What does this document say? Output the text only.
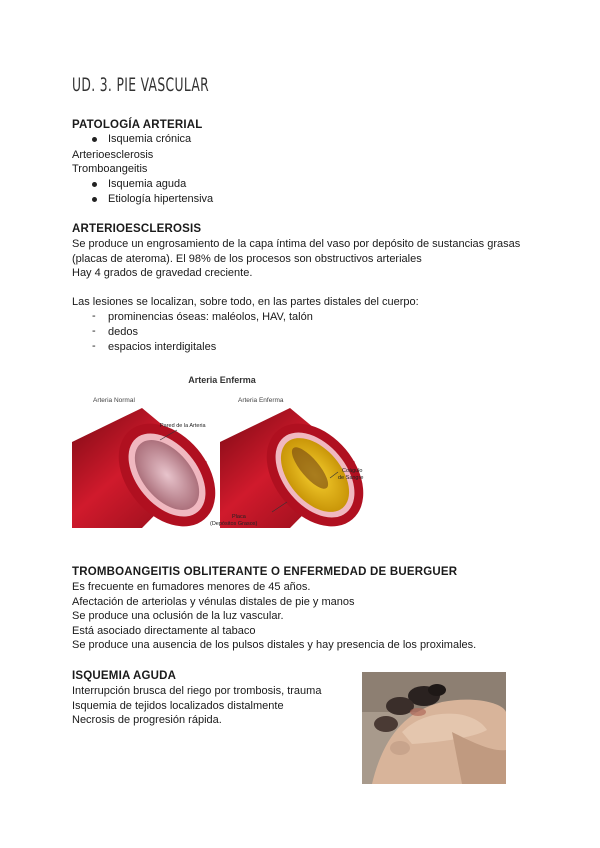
UD. 3. PIE VASCULAR
PATOLOGÍA ARTERIAL
Isquemia crónica
Arterioesclerosis
Tromboangeitis
Isquemia aguda
Etiología hipertensiva
ARTERIOESCLEROSIS
Se produce un engrosamiento de la capa íntima del vaso por depósito de sustancias grasas
(placas de ateroma). El 98% de los procesos son obstructivos arteriales
Hay 4 grados de gravedad creciente.
Las lesiones se localizan, sobre todo, en las partes distales del cuerpo:
- prominencias óseas: maléolos, HAV, talón
- dedos
- espacios interdigitales
Arteria Enferma
Arteria Normal	Arteria Enferma
Pared de la Arteria
Coágulo
de Sangre
Placa
(Depósitos Grasos)
TROMBOANGEITIS OBLITERANTE O ENFERMEDAD DE BUERGUER
Es frecuente en fumadores menores de 45 años.
Afectación de arteriolas y vénulas distales de pie y manos
Se produce una oclusión de la luz vascular.
Está asociado directamente al tabaco
Se produce una ausencia de los pulsos distales y hay presencia de los proximales.
ISQUEMIA AGUDA
Interrupción brusca del riego por trombosis, trauma
Isquemia de tejidos localizados distalmente
Necrosis de progresión rápida.
